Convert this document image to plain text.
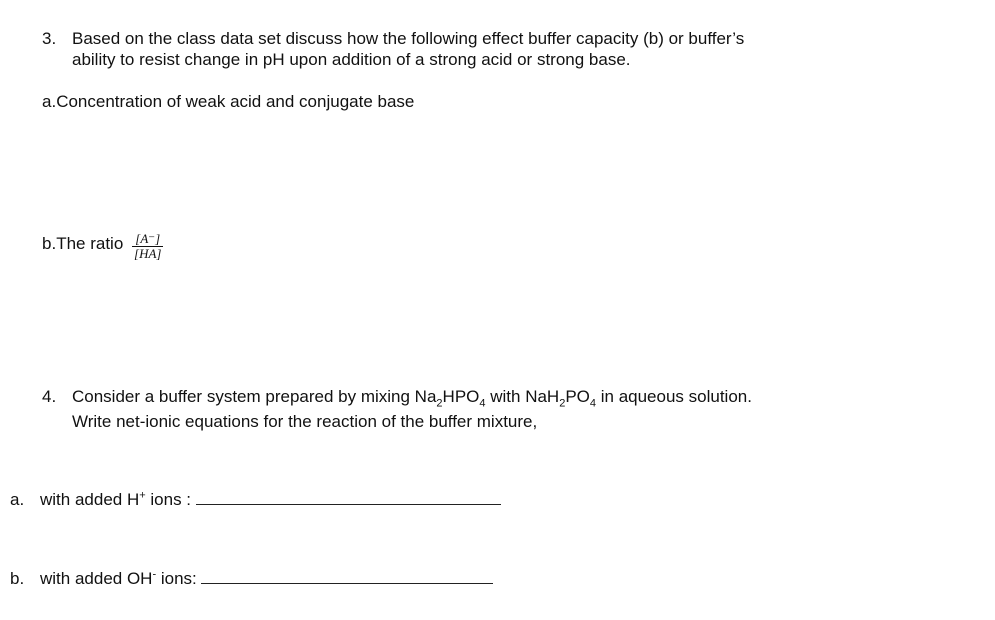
3. Based on the class data set discuss how the following effect buffer capacity (b) or buffer’s
ability to resist change in pH upon addition of a strong acid or strong base.
a.Concentration of weak acid and conjugate base
b.The ratio $\frac{[A^-]}{[HA]}$
4. Consider a buffer system prepared by mixing $Na_2HPO_4$ with $NaH_2PO_4$ in aqueous solution.
Write net-ionic equations for the reaction of the buffer mixture,
a. with added H+ ions :
b. with added OH- ions:
